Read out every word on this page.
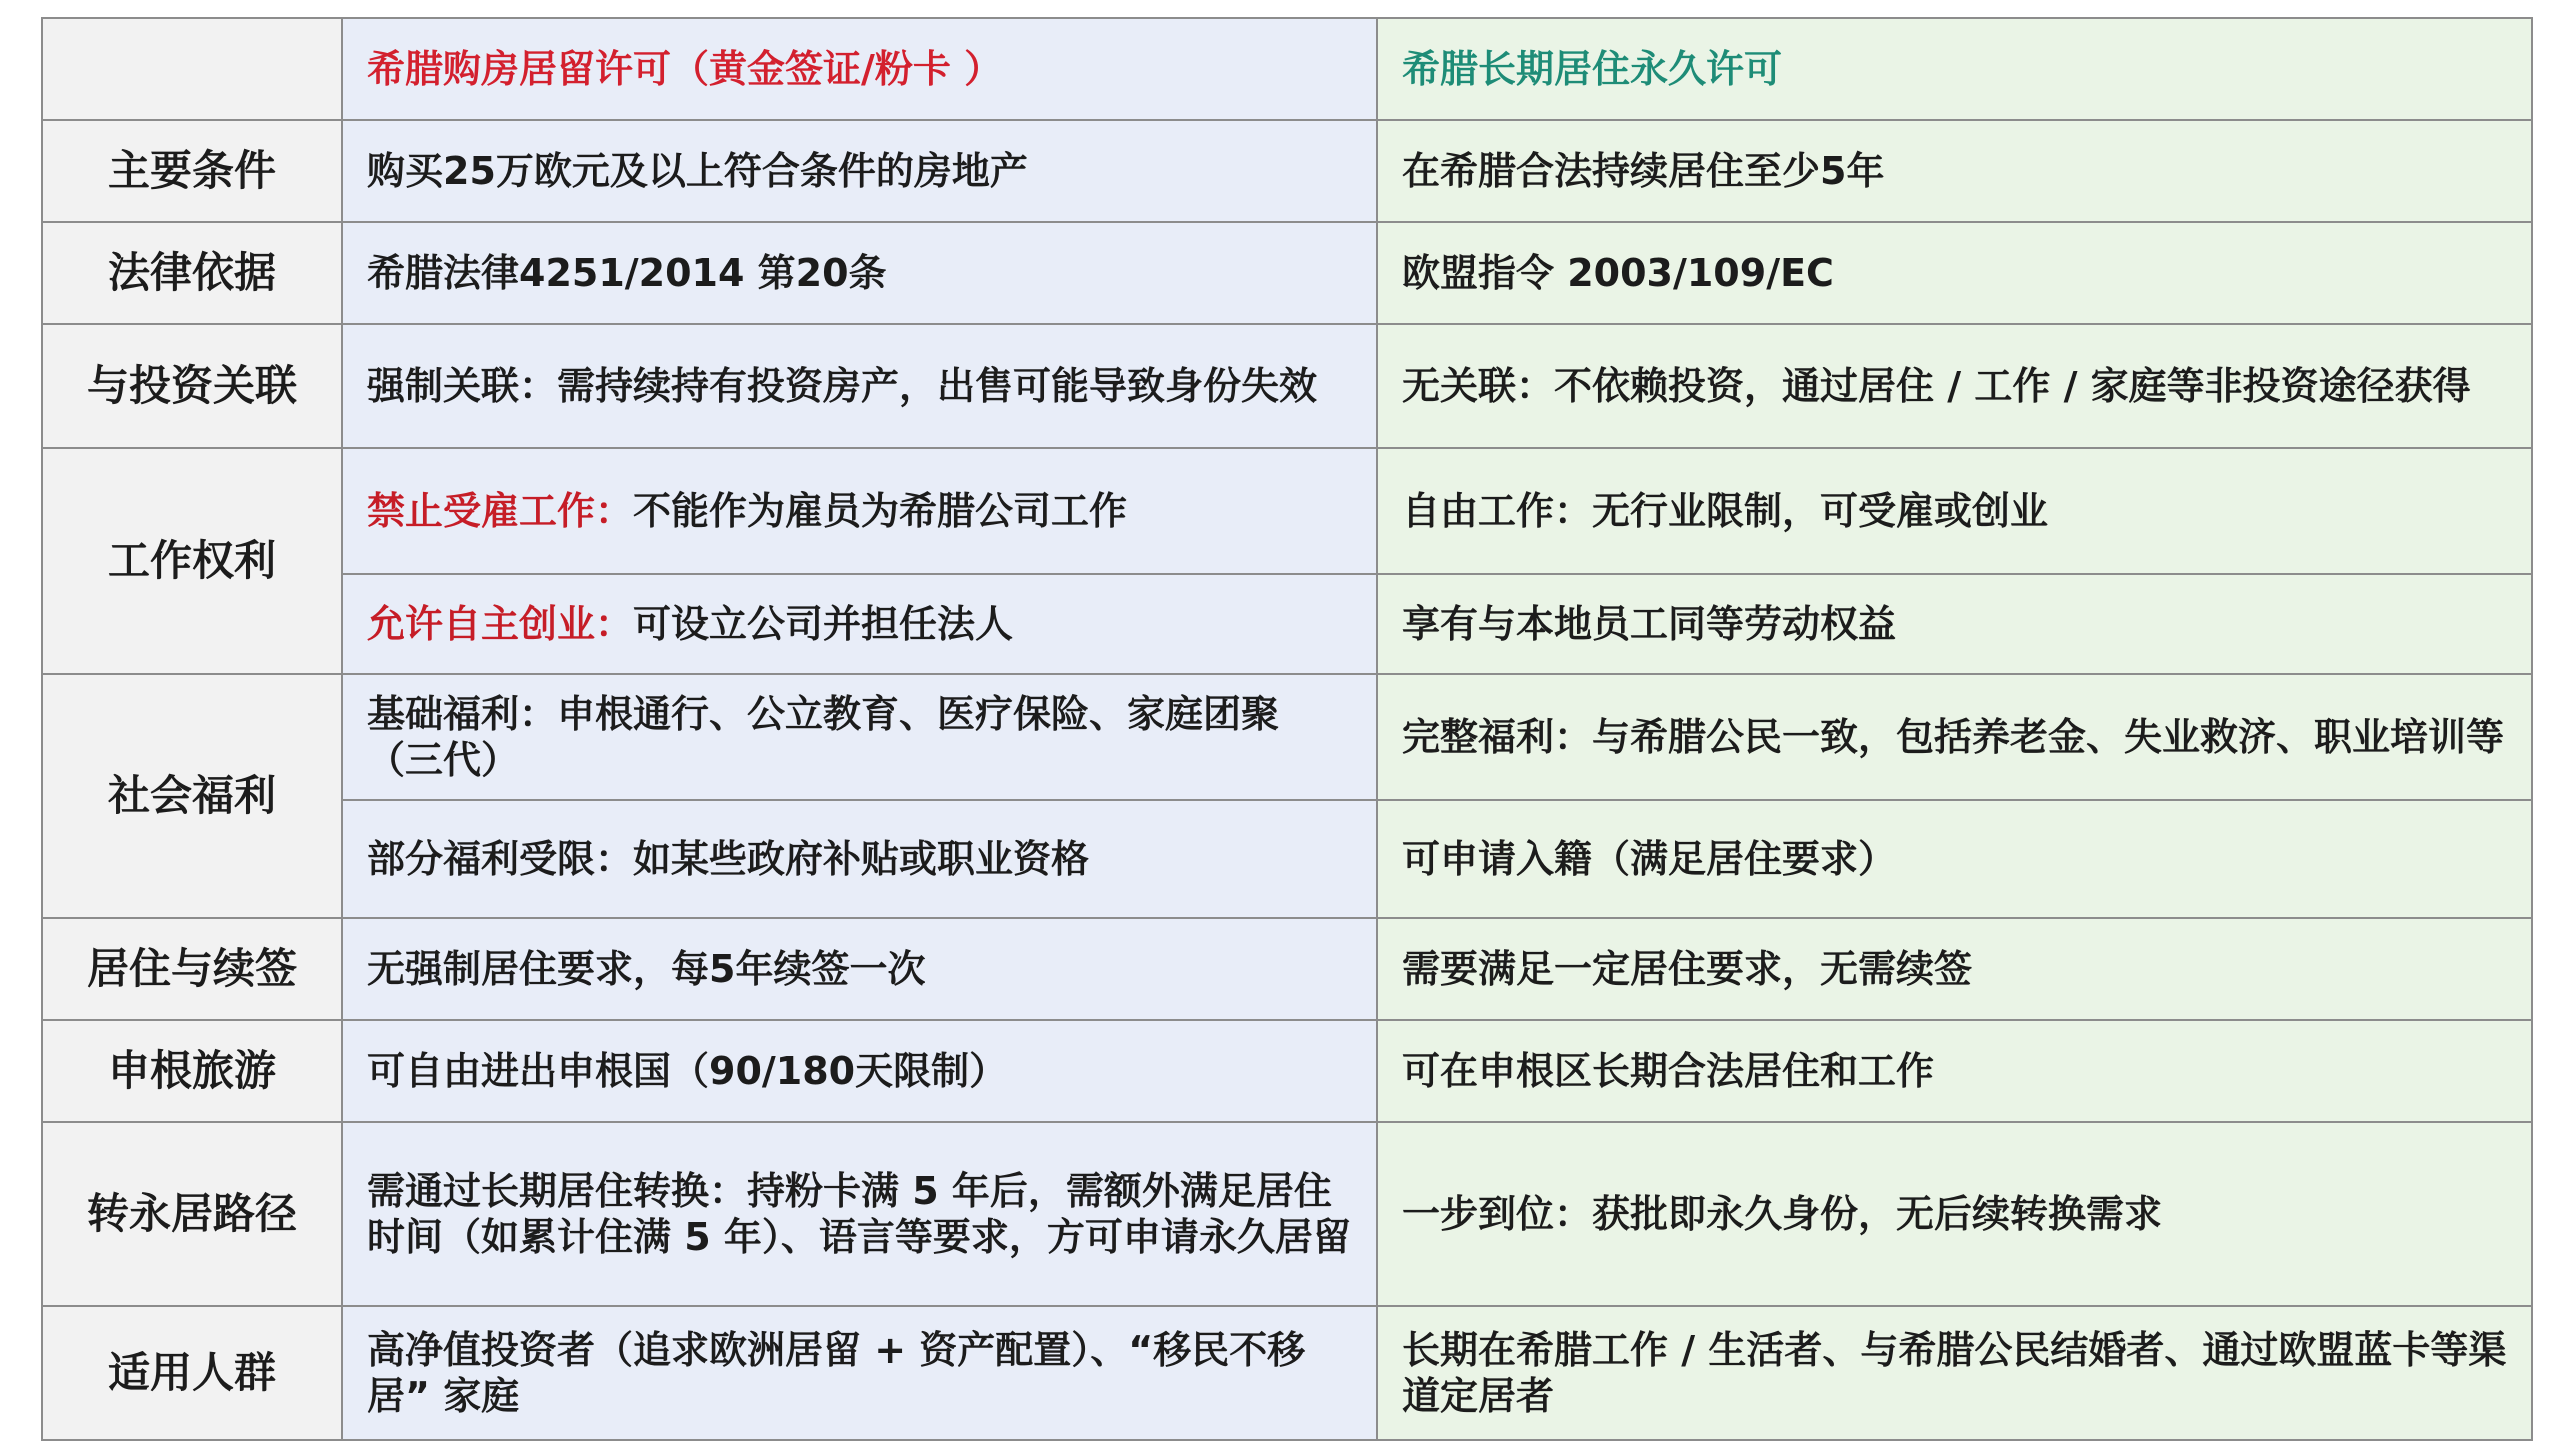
	希腊购房居留许可（黄金签证/粉卡 ）	希腊长期居住永久许可
主要条件	购买25万欧元及以上符合条件的房地产	在希腊合法持续居住至少5年
法律依据	希腊法律4251/2014 第20条	欧盟指令 2003/109/EC
与投资关联	强制关联：需持续持有投资房产，出售可能导致身份失效	无关联：不依赖投资，通过居住 / 工作 / 家庭等非投资途径获得
工作权利	禁止受雇工作：不能作为雇员为希腊公司工作	自由工作：无行业限制，可受雇或创业
	允许自主创业：可设立公司并担任法人	享有与本地员工同等劳动权益
社会福利	基础福利：申根通行、公立教育、医疗保险、家庭团聚（三代）	完整福利：与希腊公民一致，包括养老金、失业救济、职业培训等
	部分福利受限：如某些政府补贴或职业资格	可申请入籍（满足居住要求）
居住与续签	无强制居住要求，每5年续签一次	需要满足一定居住要求，无需续签
申根旅游	可自由进出申根国（90/180天限制）	可在申根区长期合法居住和工作
转永居路径	需通过长期居住转换：持粉卡满 5 年后，需额外满足居住时间（如累计住满 5 年）、语言等要求，方可申请永久居留	一步到位：获批即永久身份，无后续转换需求
适用人群	高净值投资者（追求欧洲居留 + 资产配置）、“移民不移居” 家庭	长期在希腊工作 / 生活者、与希腊公民结婚者、通过欧盟蓝卡等渠道定居者
